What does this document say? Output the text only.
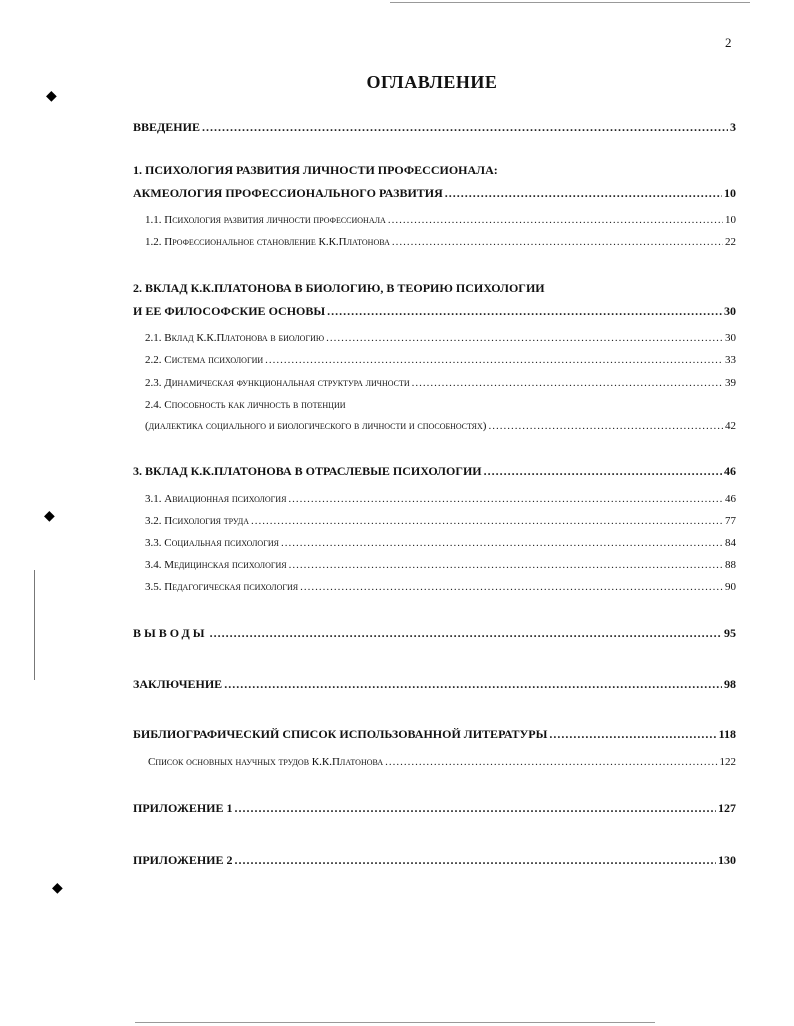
◆
◆
◆
2
ОГЛАВЛЕНИЕ
ВВЕДЕНИЕ .....	3
1. ПСИХОЛОГИЯ РАЗВИТИЯ ЛИЧНОСТИ ПРОФЕССИОНАЛА:
АКМЕОЛОГИЯ ПРОФЕССИОНАЛЬНОГО РАЗВИТИЯ .....	10
1.1. Психология развития личности профессионала .....	10
1.2. Профессиональное становление К.К.Платонова .....	22
2. ВКЛАД К.К.ПЛАТОНОВА В БИОЛОГИЮ, В ТЕОРИЮ ПСИХОЛОГИИ
И ЕЕ ФИЛОСОФСКИЕ ОСНОВЫ .....	30
2.1. Вклад К.К.Платонова в биологию .....	30
2.2. Система психологии .....	33
2.3. Динамическая функциональная структура личности .....	39
2.4. Способность как личность в потенции
(диалектика социального и биологического в личности и способностях) .....	42
3. ВКЛАД К.К.ПЛАТОНОВА В ОТРАСЛЕВЫЕ ПСИХОЛОГИИ .....	46
3.1. Авиационная психология .....	46
3.2. Психология труда .....	77
3.3. Социальная психология .....	84
3.4. Медицинская психология .....	88
3.5. Педагогическая психология .....	90
ВЫВОДЫ .....	95
ЗАКЛЮЧЕНИЕ .....	98
БИБЛИОГРАФИЧЕСКИЙ СПИСОК ИСПОЛЬЗОВАННОЙ ЛИТЕРАТУРЫ .....	118
Список основных научных трудов К.К.Платонова .....	122
ПРИЛОЖЕНИЕ 1 .....	127
ПРИЛОЖЕНИЕ 2 .....	130
